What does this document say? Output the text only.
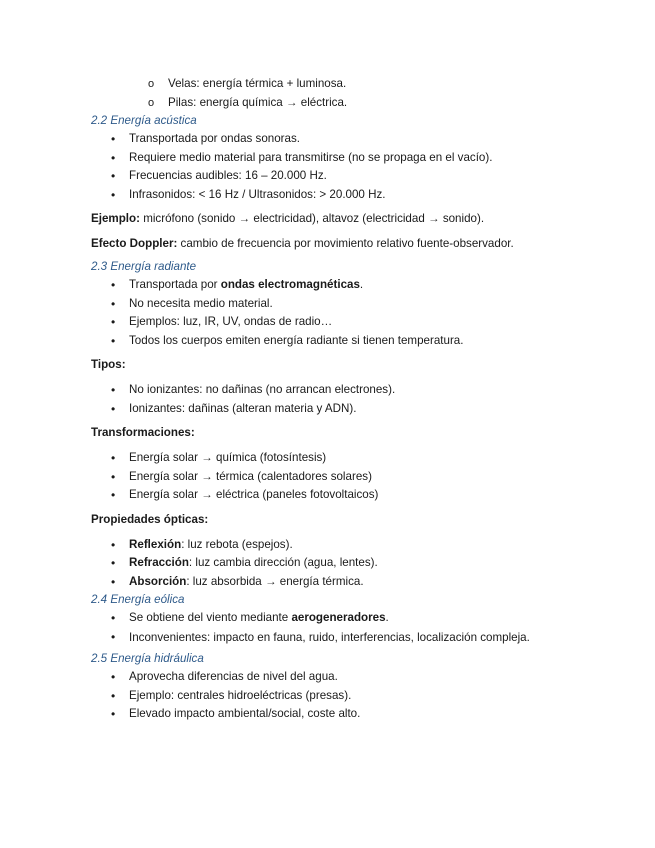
o Velas: energía térmica + luminosa.
o Pilas: energía química → eléctrica.
2.2 Energía acústica
• Transportada por ondas sonoras.
• Requiere medio material para transmitirse (no se propaga en el vacío).
• Frecuencias audibles: 16 – 20.000 Hz.
• Infrasonidos: < 16 Hz / Ultrasonidos: > 20.000 Hz.

Ejemplo: micrófono (sonido → electricidad), altavoz (electricidad → sonido).

Efecto Doppler: cambio de frecuencia por movimiento relativo fuente-observador.

2.3 Energía radiante
• Transportada por ondas electromagnéticas.
• No necesita medio material.
• Ejemplos: luz, IR, UV, ondas de radio…
• Todos los cuerpos emiten energía radiante si tienen temperatura.

Tipos:

• No ionizantes: no dañinas (no arrancan electrones).
• Ionizantes: dañinas (alteran materia y ADN).

Transformaciones:

• Energía solar → química (fotosíntesis)
• Energía solar → térmica (calentadores solares)
• Energía solar → eléctrica (paneles fotovoltaicos)

Propiedades ópticas:

• Reflexión: luz rebota (espejos).
• Refracción: luz cambia dirección (agua, lentes).
• Absorción: luz absorbida → energía térmica.
2.4 Energía eólica
• Se obtiene del viento mediante aerogeneradores.
• Inconvenientes: impacto en fauna, ruido, interferencias, localización compleja.
2.5 Energía hidráulica
• Aprovecha diferencias de nivel del agua.
• Ejemplo: centrales hidroeléctricas (presas).
• Elevado impacto ambiental/social, coste alto.
